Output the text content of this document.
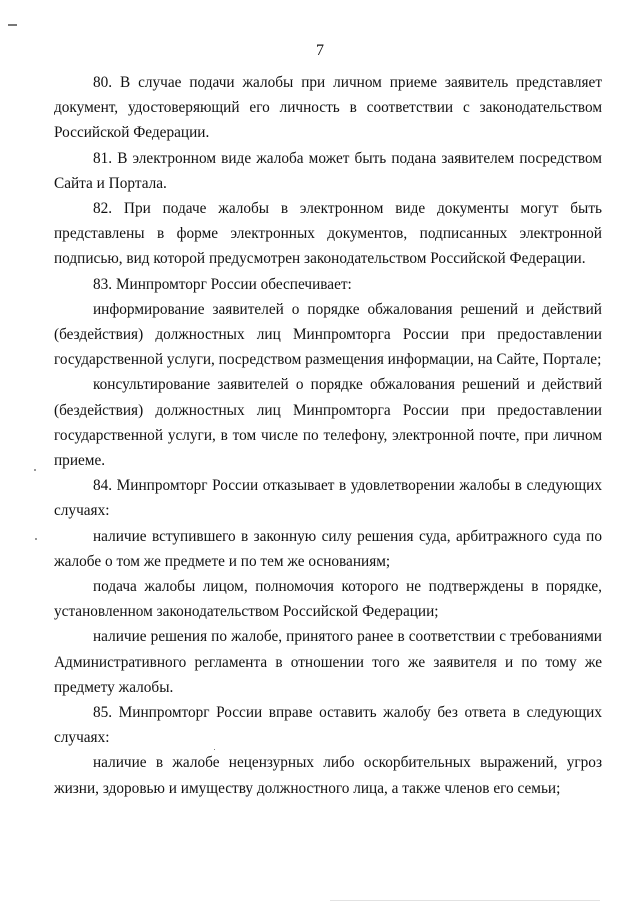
7

80. В случае подачи жалобы при личном приеме заявитель представляет документ, удостоверяющий его личность в соответствии с законодательством Российской Федерации.

81. В электронном виде жалоба может быть подана заявителем посредством Сайта и Портала.

82. При подаче жалобы в электронном виде документы могут быть представлены в форме электронных документов, подписанных электронной подписью, вид которой предусмотрен законодательством Российской Федерации.

83. Минпромторг России обеспечивает:

информирование заявителей о порядке обжалования решений и действий (бездействия) должностных лиц Минпромторга России при предоставлении государственной услуги, посредством размещения информации, на Сайте, Портале;

консультирование заявителей о порядке обжалования решений и действий (бездействия) должностных лиц Минпромторга России при предоставлении государственной услуги, в том числе по телефону, электронной почте, при личном приеме.

84. Минпромторг России отказывает в удовлетворении жалобы в следующих случаях:

наличие вступившего в законную силу решения суда, арбитражного суда по жалобе о том же предмете и по тем же основаниям;

подача жалобы лицом, полномочия которого не подтверждены в порядке, установленном законодательством Российской Федерации;

наличие решения по жалобе, принятого ранее в соответствии с требованиями Административного регламента в отношении того же заявителя и по тому же предмету жалобы.

85. Минпромторг России вправе оставить жалобу без ответа в следующих случаях:

наличие в жалобе нецензурных либо оскорбительных выражений, угроз жизни, здоровью и имуществу должностного лица, а также членов его семьи;
